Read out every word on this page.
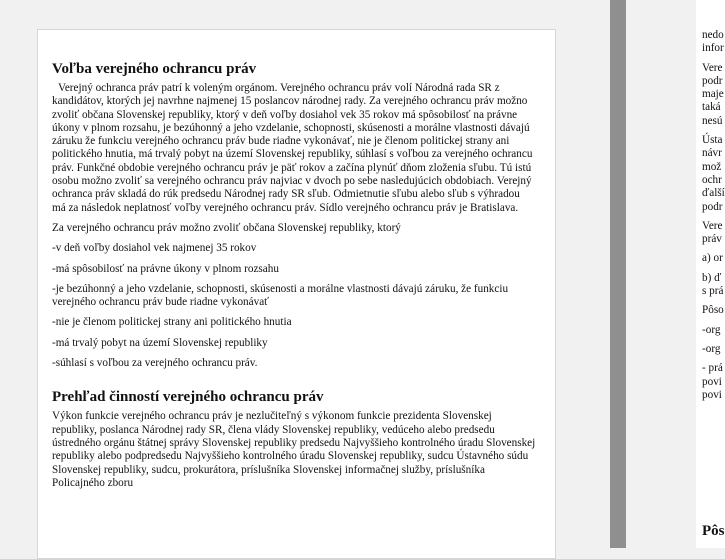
Voľba verejného ochrancu práv

Verejný ochranca práv patrí k voleným orgánom. Verejného ochrancu práv volí Národná rada SR z kandidátov, ktorých jej navrhne najmenej 15 poslancov národnej rady. Za verejného ochrancu práv možno zvoliť občana Slovenskej republiky, ktorý v deň voľby dosiahol vek 35 rokov má spôsobilosť na právne úkony v plnom rozsahu, je bezúhonný a jeho vzdelanie, schopnosti, skúsenosti a morálne vlastnosti dávajú záruku že funkciu verejného ochrancu práv bude riadne vykonávať, nie je členom politickej strany ani politického hnutia, má trvalý pobyt na území Slovenskej republiky, súhlasí s voľbou za verejného ochrancu práv. Funkčné obdobie verejného ochrancu práv je päť rokov a začína plynúť dňom zloženia sľubu. Tú istú osobu možno zvoliť sa verejného ochrancu práv najviac v dvoch po sebe nasledujúcich obdobiach. Verejný ochranca práv skladá do rúk predsedu Národnej rady SR sľub. Odmietnutie sľubu alebo sľub s výhradou má za následok neplatnosť voľby verejného ochrancu práv. Sídlo verejného ochrancu práv je Bratislava.

Za verejného ochrancu práv možno zvoliť občana Slovenskej republiky, ktorý

-v deň voľby dosiahol vek najmenej 35 rokov

-má spôsobilosť na právne úkony v plnom rozsahu

-je bezúhonný a jeho vzdelanie, schopnosti, skúsenosti a morálne vlastnosti dávajú záruku, že funkciu verejného ochrancu práv bude riadne vykonávať

-nie je členom politickej strany ani politického hnutia

-má trvalý pobyt na území Slovenskej republiky

-súhlasí s voľbou za verejného ochrancu práv.

Prehľad činností verejného ochrancu práv

Výkon funkcie verejného ochrancu práv je nezlučiteľný s výkonom funkcie prezidenta Slovenskej republiky, poslanca Národnej rady SR, člena vlády Slovenskej republiky, vedúceho alebo predsedu ústredného orgánu štátnej správy Slovenskej republiky predsedu Najvyššieho kontrolného úradu Slovenskej republiky alebo podpredsedu Najvyššieho kontrolného úradu Slovenskej republiky, sudcu Ústavného súdu Slovenskej republiky, sudcu, prokurátora, príslušníka Slovenskej informačnej služby, príslušníka Policajného zboru

nedo
infor
Vere
podr
maje
taká
nesú
Ústa
návr
mož
ochr
ďalší
podr
Vere
práv
a) or
b) ď
s prá
Pôso
-org
-org
- prá
povi
povi
Pôs
